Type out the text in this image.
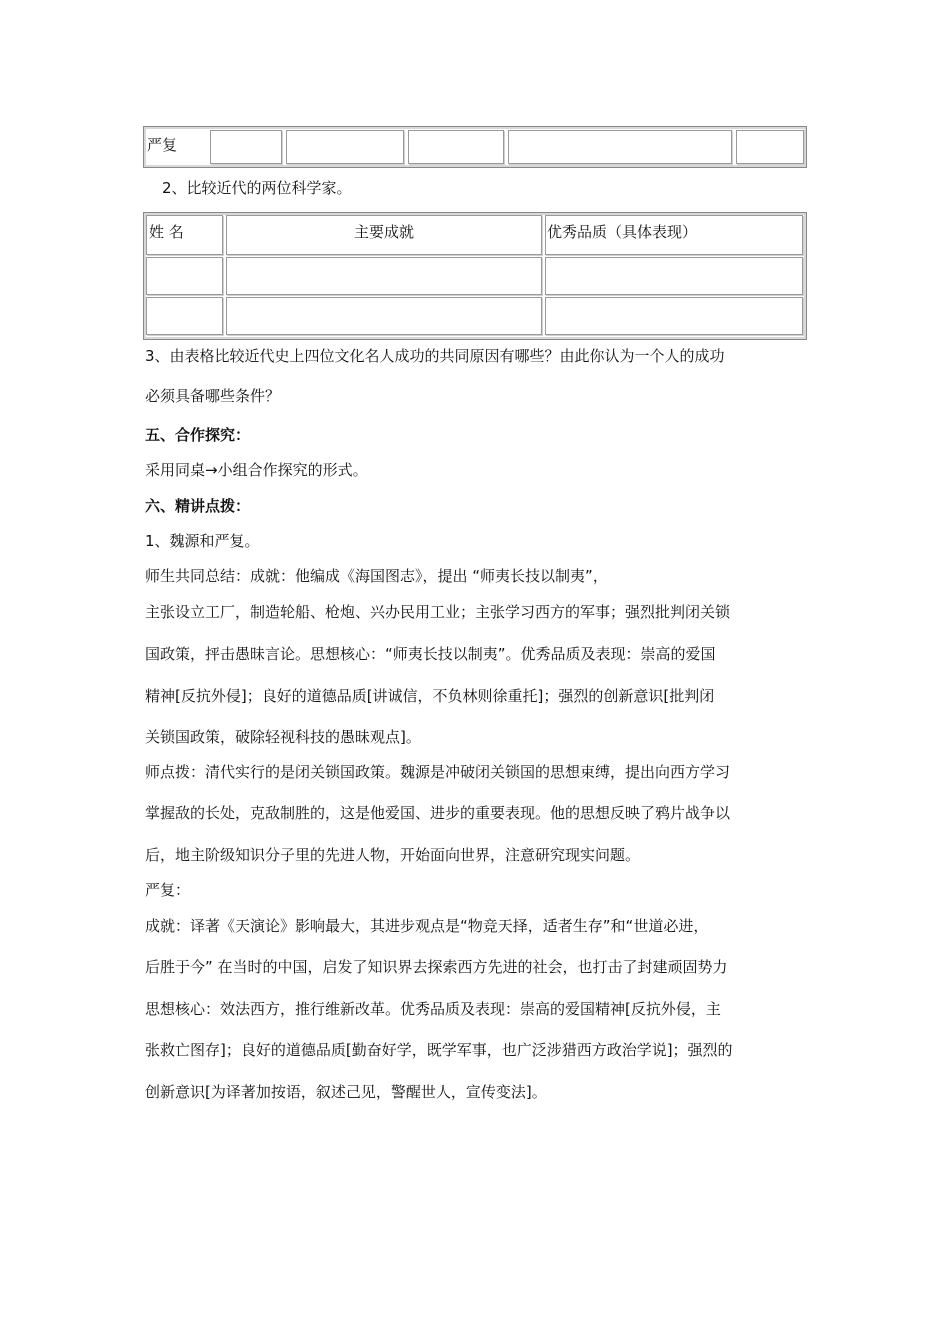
严复
2、比较近代的两位科学家。
姓 名	主要成就	优秀品质（具体表现）
3、由表格比较近代史上四位文化名人成功的共同原因有哪些？由此你认为一个人的成功
必须具备哪些条件？
五、合作探究：
采用同桌→小组合作探究的形式。
六、精讲点拨：
1、魏源和严复。
师生共同总结：成就：他编成《海国图志》，提出 “师夷长技以制夷”，
主张设立工厂，制造轮船、枪炮、兴办民用工业；主张学习西方的军事；强烈批判闭关锁
国政策，抨击愚昧言论。思想核心：“师夷长技以制夷”。优秀品质及表现：崇高的爱国
精神[反抗外侵]；良好的道德品质[讲诚信，不负林则徐重托]；强烈的创新意识[批判闭
关锁国政策，破除轻视科技的愚昧观点]。
师点拨：清代实行的是闭关锁国政策。魏源是冲破闭关锁国的思想束缚，提出向西方学习
掌握敌的长处，克敌制胜的，这是他爱国、进步的重要表现。他的思想反映了鸦片战争以
后，地主阶级知识分子里的先进人物，开始面向世界，注意研究现实问题。
严复：
成就：译著《天演论》影响最大，其进步观点是“物竞天择，适者生存”和“世道必进，
后胜于今” 在当时的中国，启发了知识界去探索西方先进的社会，也打击了封建顽固势力
思想核心：效法西方，推行维新改革。优秀品质及表现：崇高的爱国精神[反抗外侵，主
张救亡图存]；良好的道德品质[勤奋好学，既学军事，也广泛涉猎西方政治学说]；强烈的
创新意识[为译著加按语，叙述己见，警醒世人，宣传变法]。
